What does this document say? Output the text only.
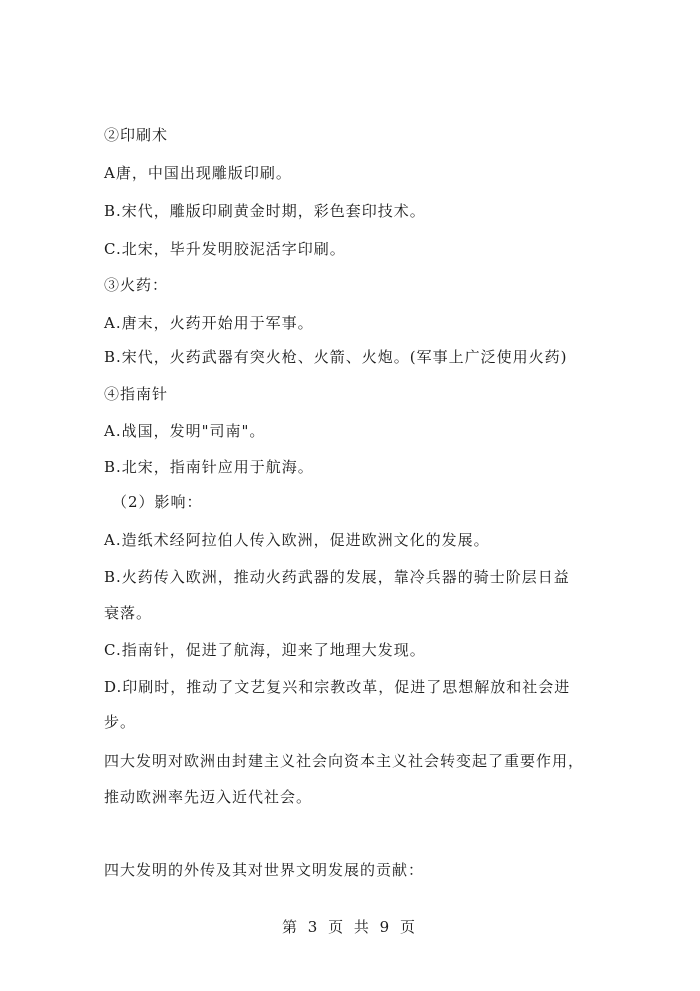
②印刷术
A唐，中国出现雕版印刷。
B.宋代，雕版印刷黄金时期，彩色套印技术。
C.北宋，毕升发明胶泥活字印刷。
③火药：
A.唐末，火药开始用于军事。
B.宋代，火药武器有突火枪、火箭、火炮。(军事上广泛使用火药)
④指南针
A.战国，发明"司南"。
B.北宋，指南针应用于航海。
（2）影响：
A.造纸术经阿拉伯人传入欧洲，促进欧洲文化的发展。
B.火药传入欧洲，推动火药武器的发展，靠冷兵器的骑士阶层日益
衰落。
C.指南针，促进了航海，迎来了地理大发现。
D.印刷时，推动了文艺复兴和宗教改革，促进了思想解放和社会进
步。
四大发明对欧洲由封建主义社会向资本主义社会转变起了重要作用，
推动欧洲率先迈入近代社会。
四大发明的外传及其对世界文明发展的贡献：
第 3 页 共 9 页
